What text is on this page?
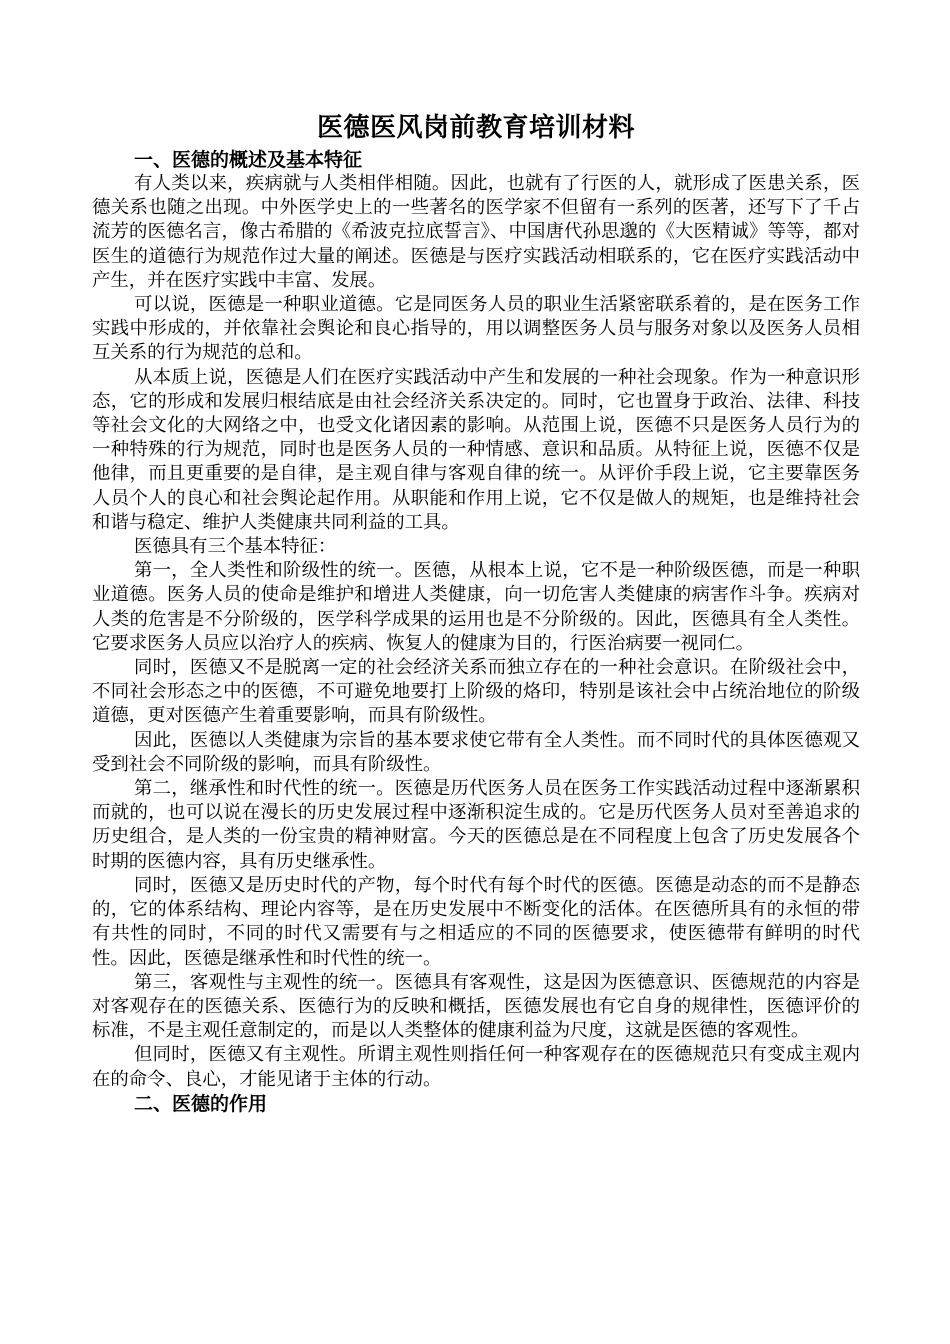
医德医风岗前教育培训材料
一、医德的概述及基本特征

有人类以来，疾病就与人类相伴相随。因此，也就有了行医的人，就形成了医患关系，医德关系也随之出现。中外医学史上的一些著名的医学家不但留有一系列的医著，还写下了千占流芳的医德名言，像古希腊的《希波克拉底誓言》、中国唐代孙思邈的《大医精诚》等等，都对医生的道德行为规范作过大量的阐述。医德是与医疗实践活动相联系的，它在医疗实践活动中产生，并在医疗实践中丰富、发展。

可以说，医德是一种职业道德。它是同医务人员的职业生活紧密联系着的，是在医务工作实践中形成的，并依靠社会舆论和良心指导的，用以调整医务人员与服务对象以及医务人员相互关系的行为规范的总和。

从本质上说，医德是人们在医疗实践活动中产生和发展的一种社会现象。作为一种意识形态，它的形成和发展归根结底是由社会经济关系决定的。同时，它也置身于政治、法律、科技等社会文化的大网络之中，也受文化诸因素的影响。从范围上说，医德不只是医务人员行为的一种特殊的行为规范，同时也是医务人员的一种情感、意识和品质。从特征上说，医德不仅是他律，而且更重要的是自律，是主观自律与客观自律的统一。从评价手段上说，它主要靠医务人员个人的良心和社会舆论起作用。从职能和作用上说，它不仅是做人的规矩，也是维持社会和谐与稳定、维护人类健康共同利益的工具。

医德具有三个基本特征：

第一，全人类性和阶级性的统一。医德，从根本上说，它不是一种阶级医德，而是一种职业道德。医务人员的使命是维护和增进人类健康，向一切危害人类健康的病害作斗争。疾病对人类的危害是不分阶级的，医学科学成果的运用也是不分阶级的。因此，医德具有全人类性。它要求医务人员应以治疗人的疾病、恢复人的健康为目的，行医治病要一视同仁。

同时，医德又不是脱离一定的社会经济关系而独立存在的一种社会意识。在阶级社会中，不同社会形态之中的医德，不可避免地要打上阶级的烙印，特别是该社会中占统治地位的阶级道德，更对医德产生着重要影响，而具有阶级性。

因此，医德以人类健康为宗旨的基本要求使它带有全人类性。而不同时代的具体医德观又受到社会不同阶级的影响，而具有阶级性。

第二，继承性和时代性的统一。医德是历代医务人员在医务工作实践活动过程中逐渐累积而就的，也可以说在漫长的历史发展过程中逐渐积淀生成的。它是历代医务人员对至善追求的历史组合，是人类的一份宝贵的精神财富。今天的医德总是在不同程度上包含了历史发展各个时期的医德内容，具有历史继承性。

同时，医德又是历史时代的产物，每个时代有每个时代的医德。医德是动态的而不是静态的，它的体系结构、理论内容等，是在历史发展中不断变化的活体。在医德所具有的永恒的带有共性的同时，不同的时代又需要有与之相适应的不同的医德要求，使医德带有鲜明的时代性。因此，医德是继承性和时代性的统一。

第三，客观性与主观性的统一。医德具有客观性，这是因为医德意识、医德规范的内容是对客观存在的医德关系、医德行为的反映和概括，医德发展也有它自身的规律性，医德评价的标准，不是主观任意制定的，而是以人类整体的健康利益为尺度，这就是医德的客观性。

但同时，医德又有主观性。所谓主观性则指任何一种客观存在的医德规范只有变成主观内在的命令、良心，才能见诸于主体的行动。

二、医德的作用
